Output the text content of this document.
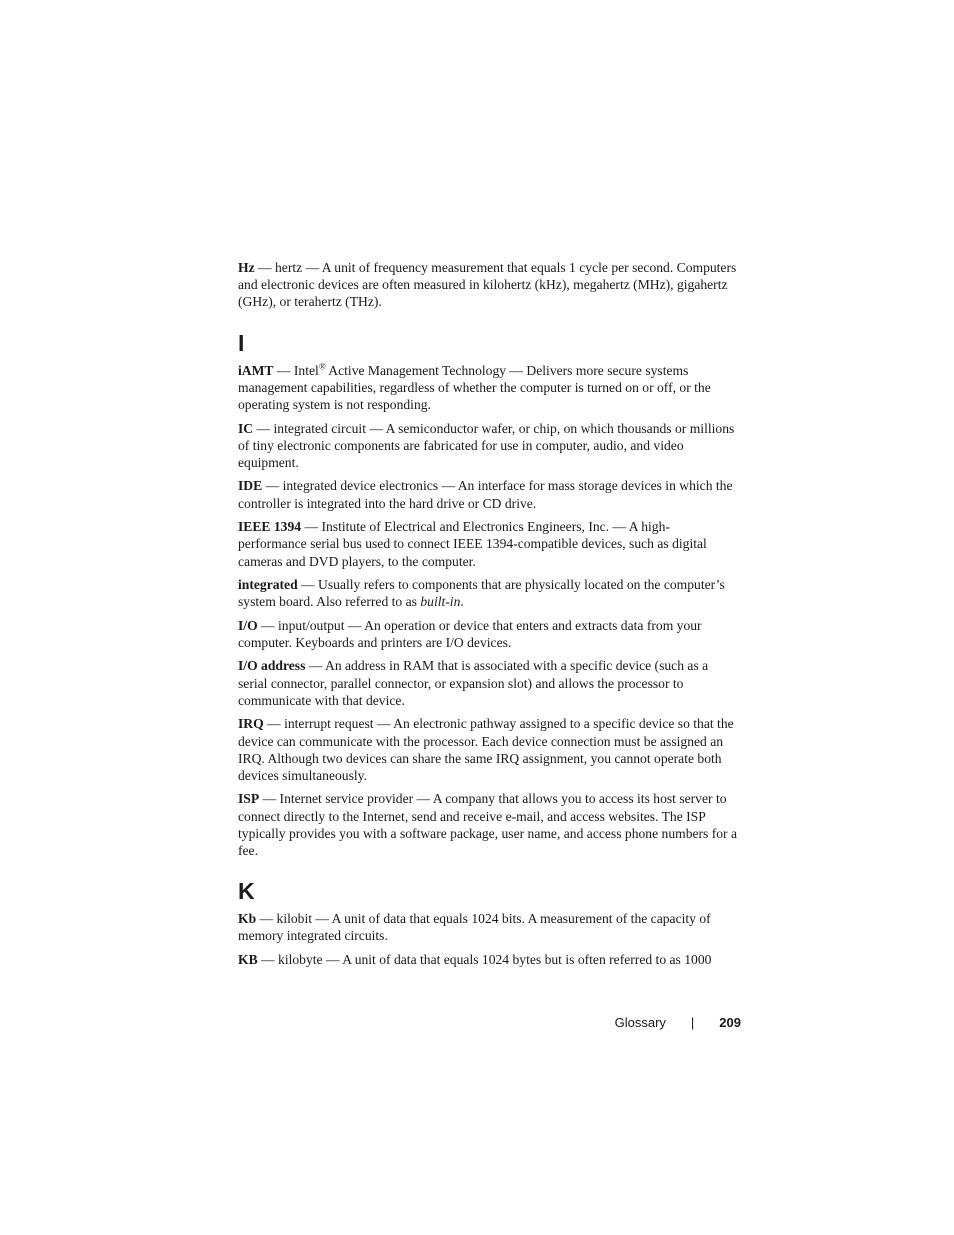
Hz — hertz — A unit of frequency measurement that equals 1 cycle per second. Computers and electronic devices are often measured in kilohertz (kHz), megahertz (MHz), gigahertz (GHz), or terahertz (THz).

I

iAMT — Intel® Active Management Technology — Delivers more secure systems management capabilities, regardless of whether the computer is turned on or off, or the operating system is not responding.

IC — integrated circuit — A semiconductor wafer, or chip, on which thousands or millions of tiny electronic components are fabricated for use in computer, audio, and video equipment.

IDE — integrated device electronics — An interface for mass storage devices in which the controller is integrated into the hard drive or CD drive.

IEEE 1394 — Institute of Electrical and Electronics Engineers, Inc. — A high-performance serial bus used to connect IEEE 1394-compatible devices, such as digital cameras and DVD players, to the computer.

integrated — Usually refers to components that are physically located on the computer’s system board. Also referred to as built-in.

I/O — input/output — An operation or device that enters and extracts data from your computer. Keyboards and printers are I/O devices.

I/O address — An address in RAM that is associated with a specific device (such as a serial connector, parallel connector, or expansion slot) and allows the processor to communicate with that device.

IRQ — interrupt request — An electronic pathway assigned to a specific device so that the device can communicate with the processor. Each device connection must be assigned an IRQ. Although two devices can share the same IRQ assignment, you cannot operate both devices simultaneously.

ISP — Internet service provider — A company that allows you to access its host server to connect directly to the Internet, send and receive e-mail, and access websites. The ISP typically provides you with a software package, user name, and access phone numbers for a fee.

K

Kb — kilobit — A unit of data that equals 1024 bits. A measurement of the capacity of memory integrated circuits.

KB — kilobyte — A unit of data that equals 1024 bytes but is often referred to as 1000

Glossary | 209
